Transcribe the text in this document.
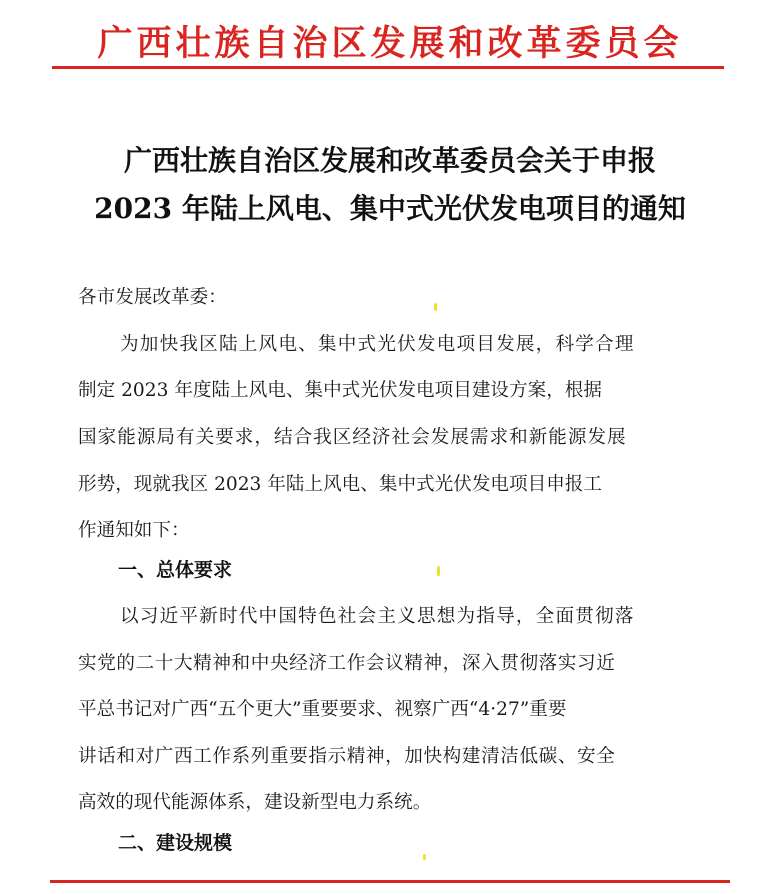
广西壮族自治区发展和改革委员会
广西壮族自治区发展和改革委员会关于申报
2023 年陆上风电、集中式光伏发电项目的通知
各市发展改革委：
为加快我区陆上风电、集中式光伏发电项目发展，科学合理
制定 2023 年度陆上风电、集中式光伏发电项目建设方案，根据
国家能源局有关要求，结合我区经济社会发展需求和新能源发展
形势，现就我区 2023 年陆上风电、集中式光伏发电项目申报工
作通知如下：
一、总体要求
以习近平新时代中国特色社会主义思想为指导，全面贯彻落
实党的二十大精神和中央经济工作会议精神，深入贯彻落实习近
平总书记对广西“五个更大”重要要求、视察广西“4·27”重要
讲话和对广西工作系列重要指示精神，加快构建清洁低碳、安全
高效的现代能源体系，建设新型电力系统。
二、建设规模
